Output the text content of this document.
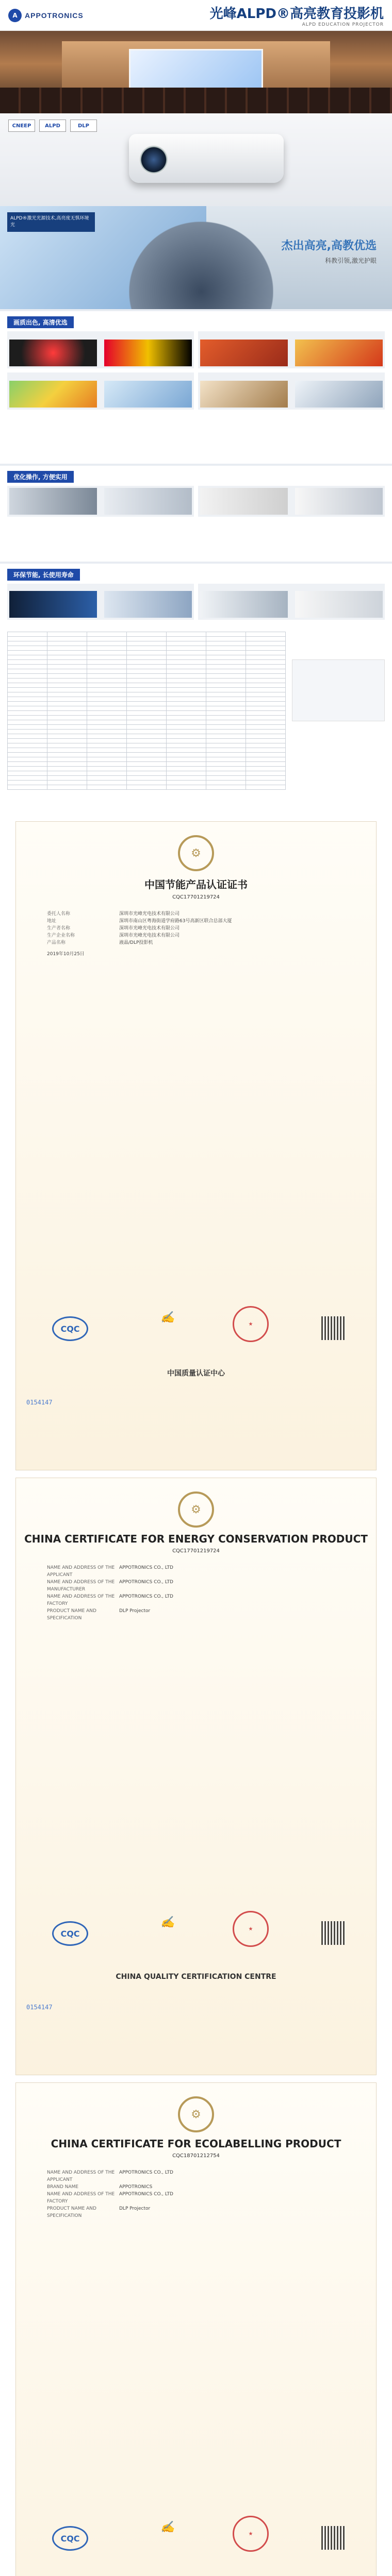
A	APPOTRONICS	光峰ALPD®高亮教育投影机
ALPD EDUCATION PROJECTOR
CNEEP	ALPD	DLP
ALPD®激光光源技术,高亮度无惧环境光
杰出高亮,高教优选
科教引领,激光护眼
画质出色, 高清优选
优化操作, 方便实用
环保节能, 长使用寿命

⚙
中国节能产品认证证书
CQC17701219724
委托人名称	深圳市光峰光电技术有限公司
地址	深圳市南山区粤海街道学府路63号高新区联合总部大厦
生产者名称	深圳市光峰光电技术有限公司
生产企业名称	深圳市光峰光电技术有限公司
产品名称	液晶/DLP投影机
2019年10月25日
CQC
✍	★
中国质量认证中心
0154147
⚙
CHINA CERTIFICATE FOR ENERGY CONSERVATION PRODUCT
CQC17701219724
NAME AND ADDRESS OF THE APPLICANT
APPOTRONICS CO., LTD
NAME AND ADDRESS OF THE MANUFACTURER
APPOTRONICS CO., LTD
NAME AND ADDRESS OF THE FACTORY
APPOTRONICS CO., LTD
PRODUCT NAME AND SPECIFICATION
DLP Projector
CQC
✍	★
CHINA QUALITY CERTIFICATION CENTRE
0154147
⚙
CHINA CERTIFICATE FOR ECOLABELLING PRODUCT
CQC18701212754
NAME AND ADDRESS OF THE APPLICANT
APPOTRONICS CO., LTD
BRAND NAME	APPOTRONICS
NAME AND ADDRESS OF THE FACTORY
APPOTRONICS CO., LTD
PRODUCT NAME AND SPECIFICATION
DLP Projector
CQC
✍	★
